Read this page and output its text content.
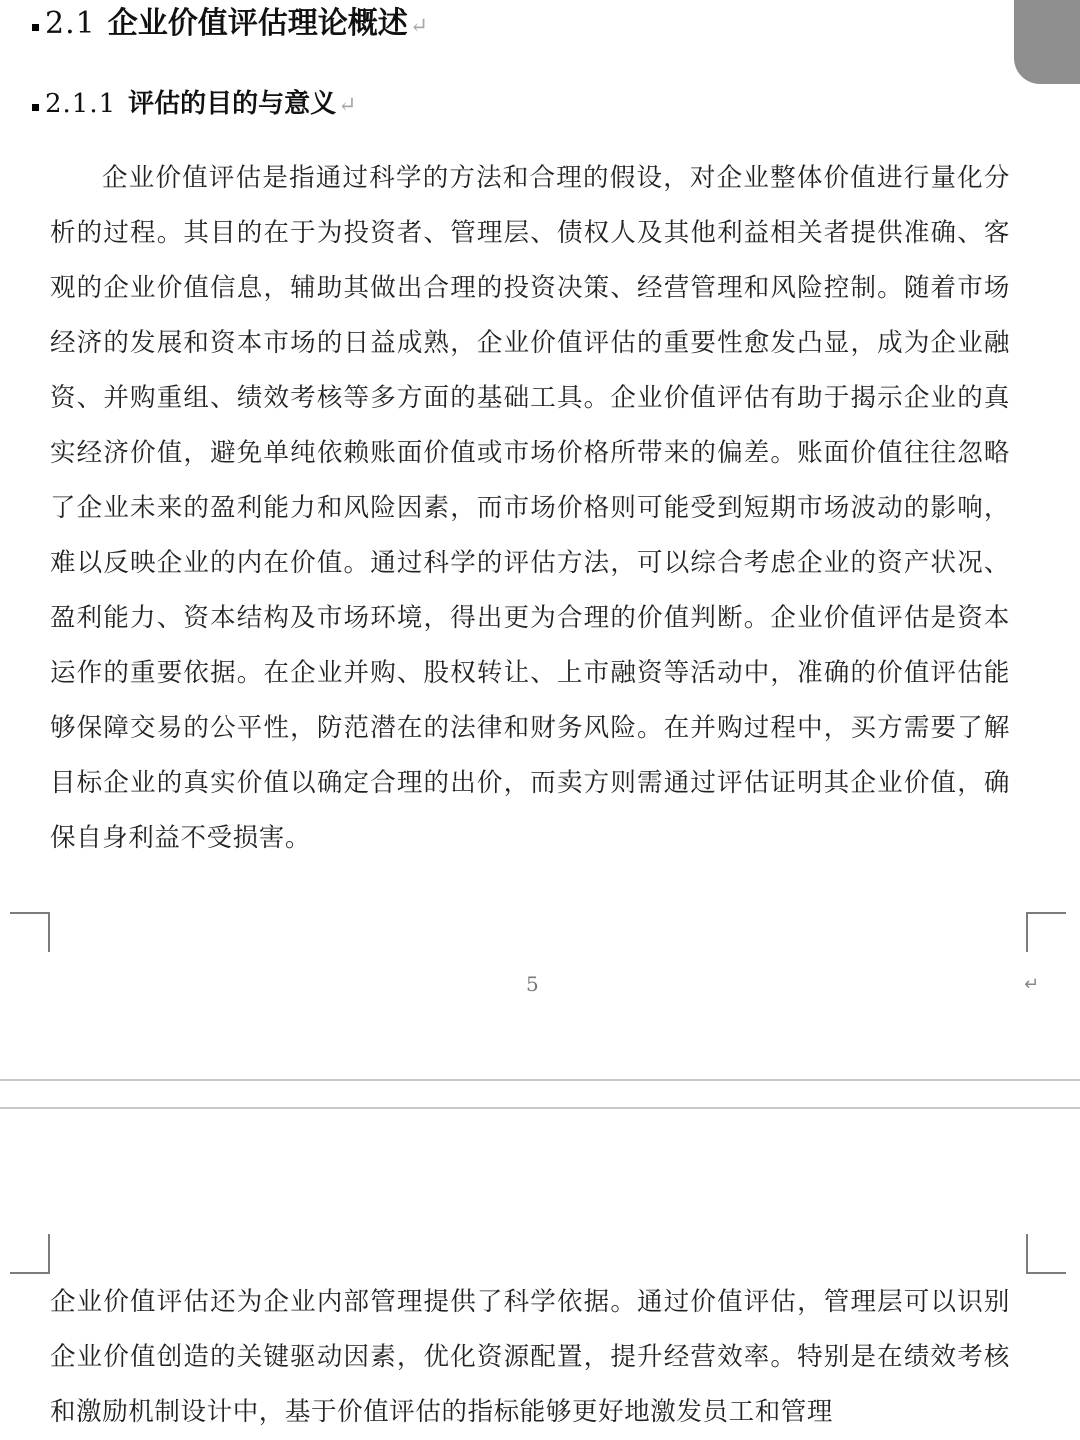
2.1 企业价值评估理论概述↵
2.1.1 评估的目的与意义↵

企业价值评估是指通过科学的方法和合理的假设，对企业整体价值进行量化分析的过程。其目的在于为投资者、管理层、债权人及其他利益相关者提供准确、客观的企业价值信息，辅助其做出合理的投资决策、经营管理和风险控制。随着市场经济的发展和资本市场的日益成熟，企业价值评估的重要性愈发凸显，成为企业融资、并购重组、绩效考核等多方面的基础工具。企业价值评估有助于揭示企业的真实经济价值，避免单纯依赖账面价值或市场价格所带来的偏差。账面价值往往忽略了企业未来的盈利能力和风险因素，而市场价格则可能受到短期市场波动的影响，难以反映企业的内在价值。通过科学的评估方法，可以综合考虑企业的资产状况、盈利能力、资本结构及市场环境，得出更为合理的价值判断。企业价值评估是资本运作的重要依据。在企业并购、股权转让、上市融资等活动中，准确的价值评估能够保障交易的公平性，防范潜在的法律和财务风险。在并购过程中，买方需要了解目标企业的真实价值以确定合理的出价，而卖方则需通过评估证明其企业价值，确保自身利益不受损害。

5	↵

企业价值评估还为企业内部管理提供了科学依据。通过价值评估，管理层可以识别企业价值创造的关键驱动因素，优化资源配置，提升经营效率。特别是在绩效考核和激励机制设计中，基于价值评估的指标能够更好地激发员工和管理
